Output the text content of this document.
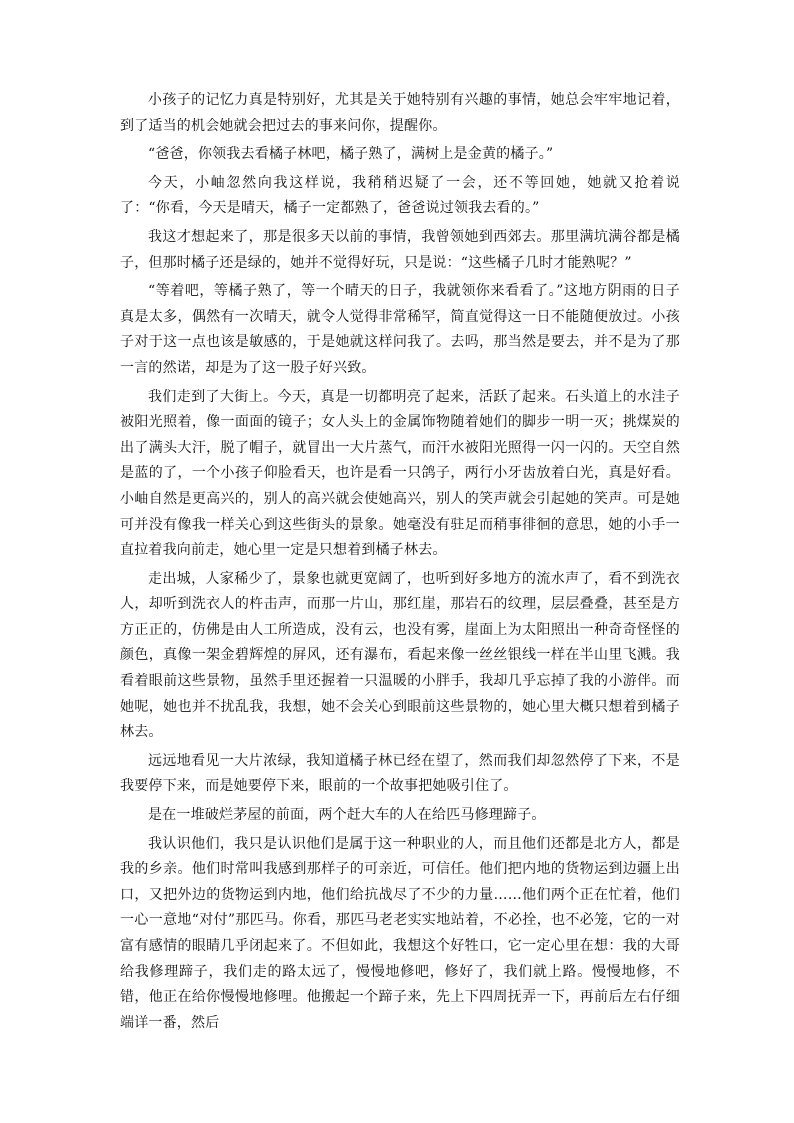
小孩子的记忆力真是特别好，尤其是关于她特别有兴趣的事情，她总会牢牢地记着，到了适当的机会她就会把过去的事来问你，提醒你。

“爸爸，你领我去看橘子林吧，橘子熟了，满树上是金黄的橘子。”

今天，小岫忽然向我这样说，我稍稍迟疑了一会，还不等回她，她就又抢着说了：“你看，今天是晴天，橘子一定都熟了，爸爸说过领我去看的。”

我这才想起来了，那是很多天以前的事情，我曾领她到西郊去。那里满坑满谷都是橘子，但那时橘子还是绿的，她并不觉得好玩，只是说：“这些橘子几时才能熟呢？”

“等着吧，等橘子熟了，等一个晴天的日子，我就领你来看看了。”这地方阴雨的日子真是太多，偶然有一次晴天，就令人觉得非常稀罕，简直觉得这一日不能随便放过。小孩子对于这一点也该是敏感的，于是她就这样问我了。去吗，那当然是要去，并不是为了那一言的然诺，却是为了这一股子好兴致。

我们走到了大街上。今天，真是一切都明亮了起来，活跃了起来。石头道上的水洼子被阳光照着，像一面面的镜子；女人头上的金属饰物随着她们的脚步一明一灭；挑煤炭的出了满头大汗，脱了帽子，就冒出一大片蒸气，而汗水被阳光照得一闪一闪的。天空自然是蓝的了，一个小孩子仰脸看天，也许是看一只鸽子，两行小牙齿放着白光，真是好看。小岫自然是更高兴的，别人的高兴就会使她高兴，别人的笑声就会引起她的笑声。可是她可并没有像我一样关心到这些街头的景象。她毫没有驻足而稍事徘徊的意思，她的小手一直拉着我向前走，她心里一定是只想着到橘子林去。

走出城，人家稀少了，景象也就更宽阔了，也听到好多地方的流水声了，看不到洗衣人，却听到洗衣人的杵击声，而那一片山，那红崖，那岩石的纹理，层层叠叠，甚至是方方正正的，仿佛是由人工所造成，没有云，也没有雾，崖面上为太阳照出一种奇奇怪怪的颜色，真像一架金碧辉煌的屏风，还有瀑布，看起来像一丝丝银线一样在半山里飞溅。我看着眼前这些景物，虽然手里还握着一只温暖的小胖手，我却几乎忘掉了我的小游伴。而她呢，她也并不扰乱我，我想，她不会关心到眼前这些景物的，她心里大概只想着到橘子林去。

远远地看见一大片浓绿，我知道橘子林已经在望了，然而我们却忽然停了下来，不是我要停下来，而是她要停下来，眼前的一个故事把她吸引住了。

是在一堆破烂茅屋的前面，两个赶大车的人在给匹马修理蹄子。

我认识他们，我只是认识他们是属于这一种职业的人，而且他们还都是北方人，都是我的乡亲。他们时常叫我感到那样子的可亲近，可信任。他们把内地的货物运到边疆上出口，又把外边的货物运到内地，他们给抗战尽了不少的力量……他们两个正在忙着，他们一心一意地“对付”那匹马。你看，那匹马老老实实地站着，不必拴，也不必笼，它的一对富有感情的眼睛几乎闭起来了。不但如此，我想这个好牲口，它一定心里在想：我的大哥给我修理蹄子，我们走的路太远了，慢慢地修吧，修好了，我们就上路。慢慢地修，不错，他正在给你慢慢地修哩。他搬起一个蹄子来，先上下四周抚弄一下，再前后左右仔细端详一番，然后
